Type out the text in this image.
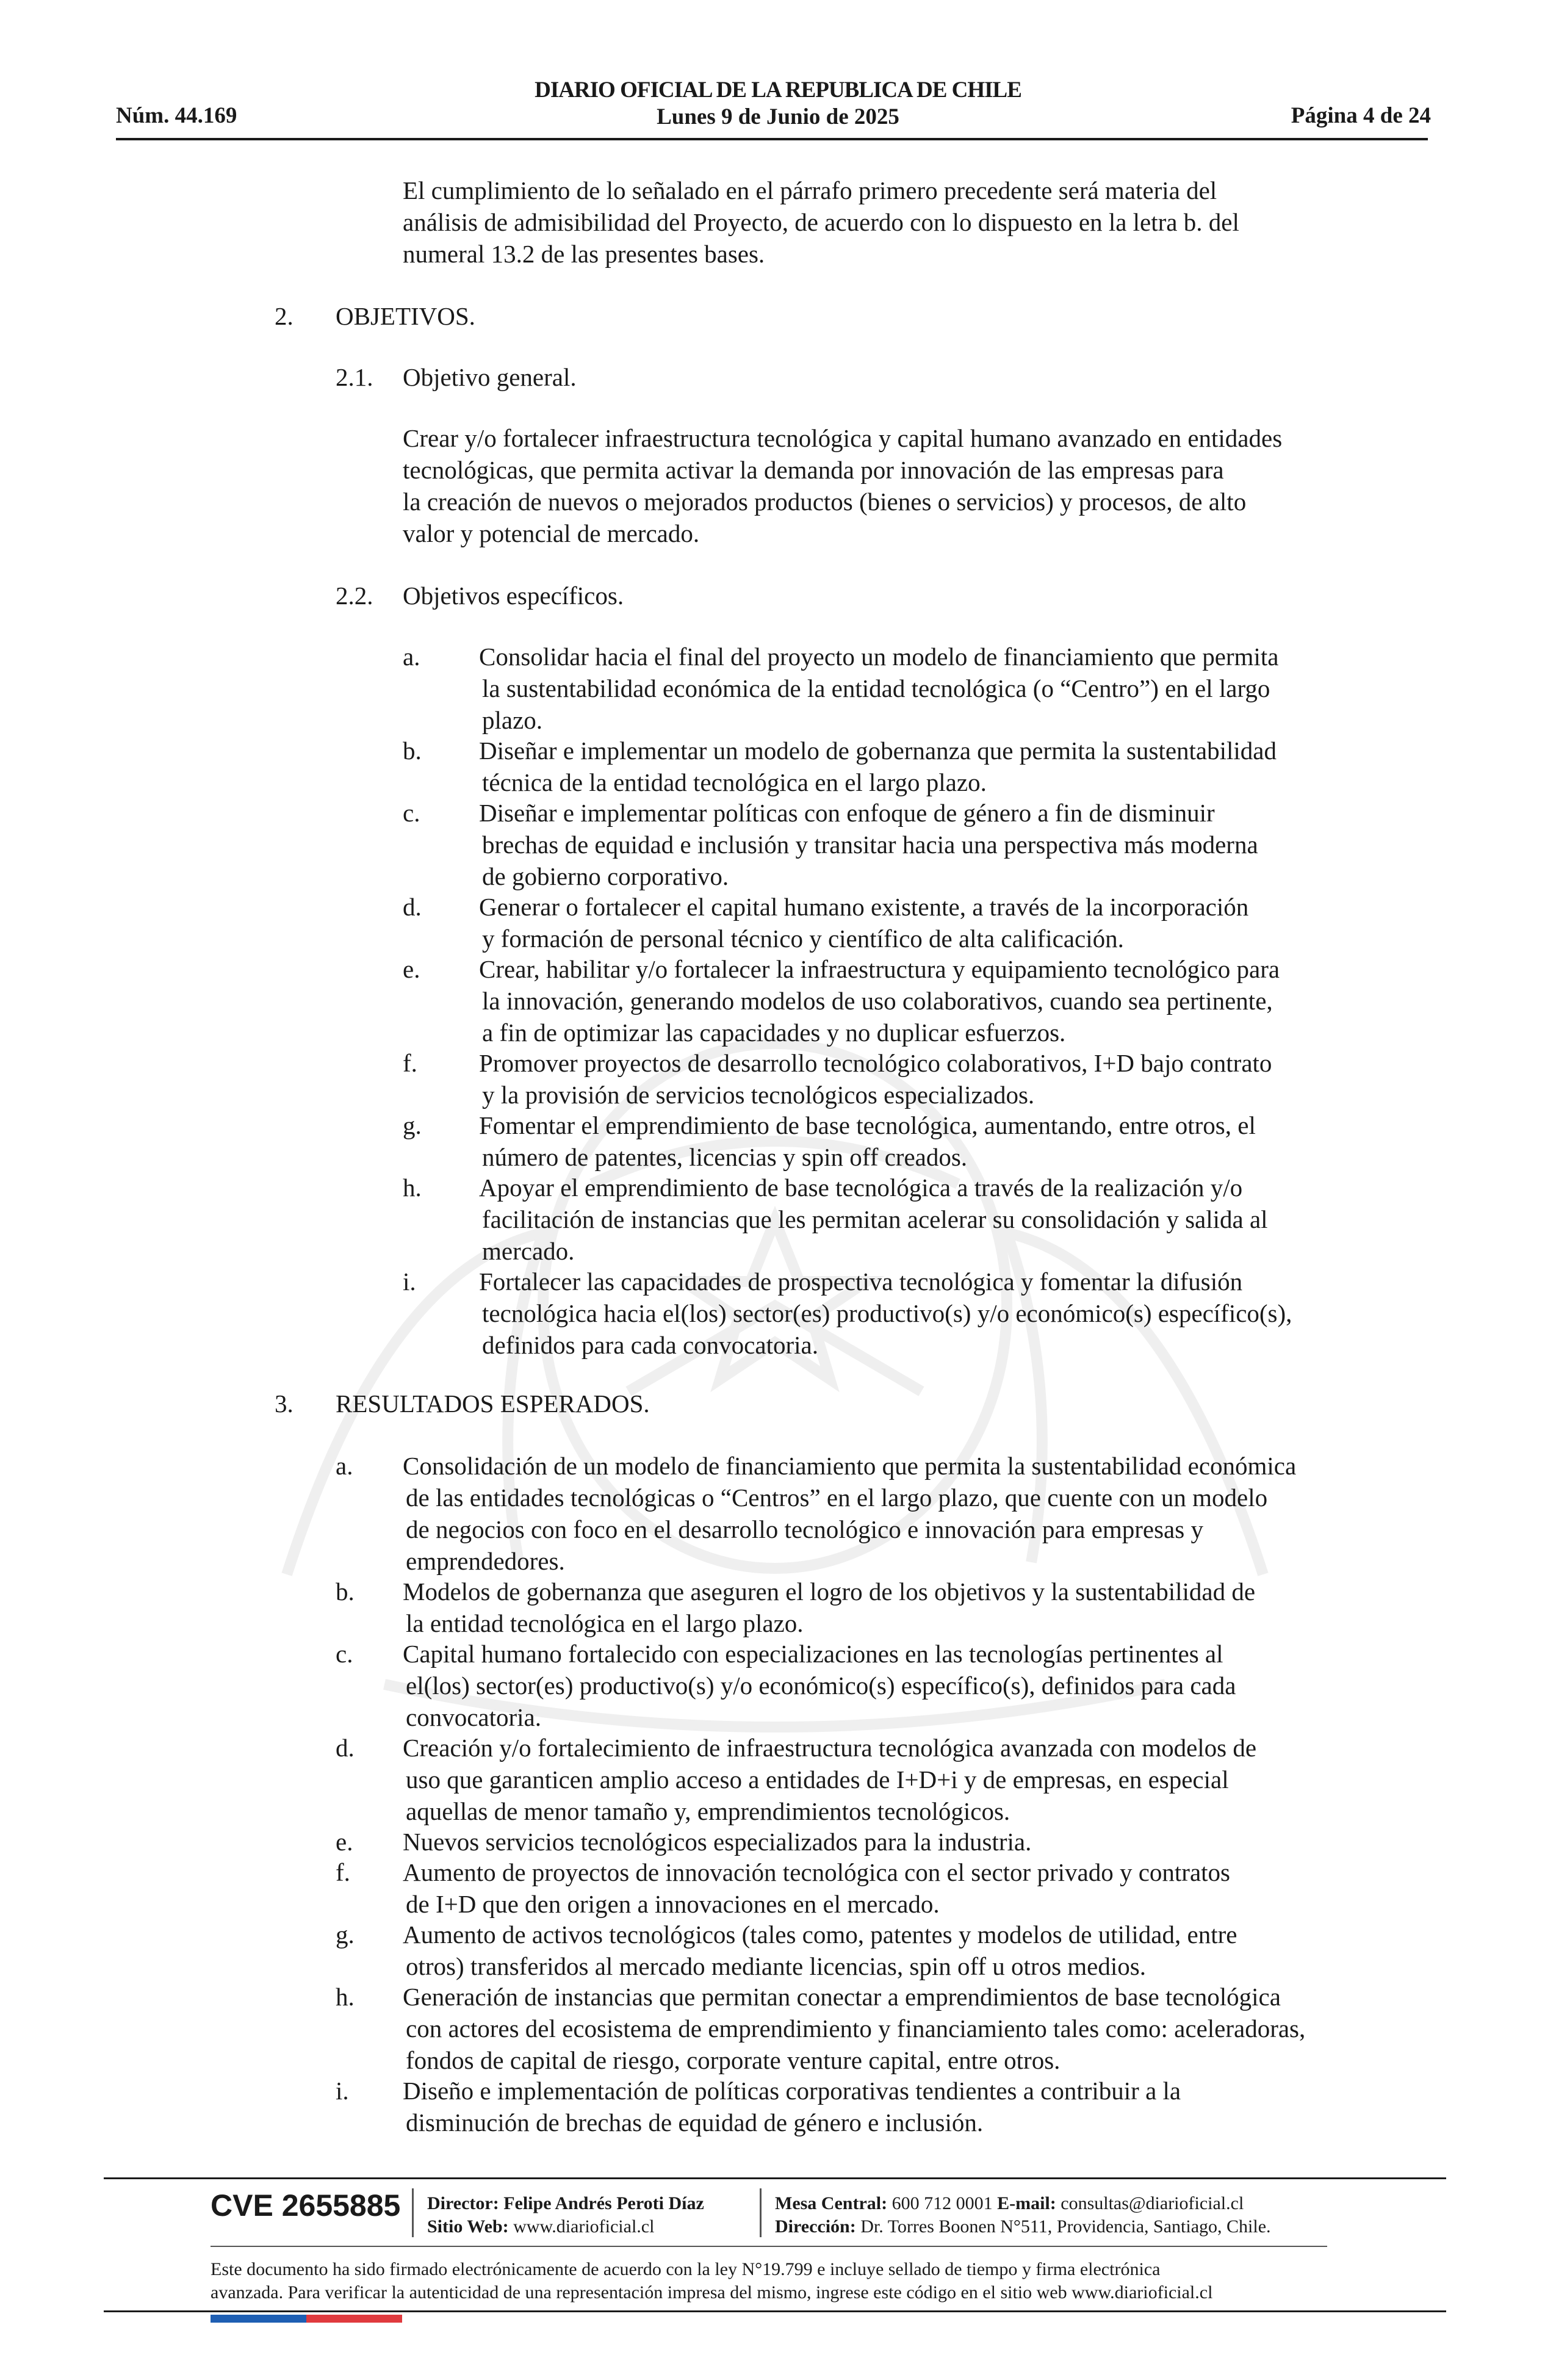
Núm. 44.169
DIARIO OFICIAL DE LA REPUBLICA DE CHILE
Lunes 9 de Junio de 2025	Página 4 de 24
El cumplimiento de lo señalado en el párrafo primero precedente será materia del
análisis de admisibilidad del Proyecto, de acuerdo con lo dispuesto en la letra b. del
numeral 13.2 de las presentes bases.
2. OBJETIVOS.
2.1. Objetivo general.
Crear y/o fortalecer infraestructura tecnológica y capital humano avanzado en entidades
tecnológicas, que permita activar la demanda por innovación de las empresas para
la creación de nuevos o mejorados productos (bienes o servicios) y procesos, de alto
valor y potencial de mercado.
2.2. Objetivos específicos.
a. Consolidar hacia el final del proyecto un modelo de financiamiento que permita
la sustentabilidad económica de la entidad tecnológica (o “Centro”) en el largo
plazo.
b. Diseñar e implementar un modelo de gobernanza que permita la sustentabilidad
técnica de la entidad tecnológica en el largo plazo.
c. Diseñar e implementar políticas con enfoque de género a fin de disminuir
brechas de equidad e inclusión y transitar hacia una perspectiva más moderna
de gobierno corporativo.
d. Generar o fortalecer el capital humano existente, a través de la incorporación
y formación de personal técnico y científico de alta calificación.
e. Crear, habilitar y/o fortalecer la infraestructura y equipamiento tecnológico para
la innovación, generando modelos de uso colaborativos, cuando sea pertinente,
a fin de optimizar las capacidades y no duplicar esfuerzos.
f. Promover proyectos de desarrollo tecnológico colaborativos, I+D bajo contrato
y la provisión de servicios tecnológicos especializados.
g. Fomentar el emprendimiento de base tecnológica, aumentando, entre otros, el
número de patentes, licencias y spin off creados.
h. Apoyar el emprendimiento de base tecnológica a través de la realización y/o
facilitación de instancias que les permitan acelerar su consolidación y salida al
mercado.
i.	Fortalecer las capacidades de prospectiva tecnológica y fomentar la difusión
tecnológica hacia el(los) sector(es) productivo(s) y/o económico(s) específico(s),
definidos para cada convocatoria.
3. RESULTADOS ESPERADOS.
a. Consolidación de un modelo de financiamiento que permita la sustentabilidad económica
de las entidades tecnológicas o “Centros” en el largo plazo, que cuente con un modelo
de negocios con foco en el desarrollo tecnológico e innovación para empresas y
emprendedores.
b. Modelos de gobernanza que aseguren el logro de los objetivos y la sustentabilidad de
la entidad tecnológica en el largo plazo.
c. Capital humano fortalecido con especializaciones en las tecnologías pertinentes al
el(los) sector(es) productivo(s) y/o económico(s) específico(s), definidos para cada
convocatoria.
d. Creación y/o fortalecimiento de infraestructura tecnológica avanzada con modelos de
uso que garanticen amplio acceso a entidades de I+D+i y de empresas, en especial
aquellas de menor tamaño y, emprendimientos tecnológicos.
e. Nuevos servicios tecnológicos especializados para la industria.
f. Aumento de proyectos de innovación tecnológica con el sector privado y contratos
de I+D que den origen a innovaciones en el mercado.
g. Aumento de activos tecnológicos (tales como, patentes y modelos de utilidad, entre
otros) transferidos al mercado mediante licencias, spin off u otros medios.
h. Generación de instancias que permitan conectar a emprendimientos de base tecnológica
con actores del ecosistema de emprendimiento y financiamiento tales como: aceleradoras,
fondos de capital de riesgo, corporate venture capital, entre otros.
i. Diseño e implementación de políticas corporativas tendientes a contribuir a la
disminución de brechas de equidad de género e inclusión.
CVE 2655885 Director: Felipe Andrés Peroti Díaz
Sitio Web: www.diarioficial.cl
Mesa Central: 600 712 0001 E-mail: consultas@diarioficial.cl
Dirección: Dr. Torres Boonen N°511, Providencia, Santiago, Chile.
Este documento ha sido firmado electrónicamente de acuerdo con la ley N°19.799 e incluye sellado de tiempo y firma electrónica
avanzada. Para verificar la autenticidad de una representación impresa del mismo, ingrese este código en el sitio web www.diarioficial.cl
